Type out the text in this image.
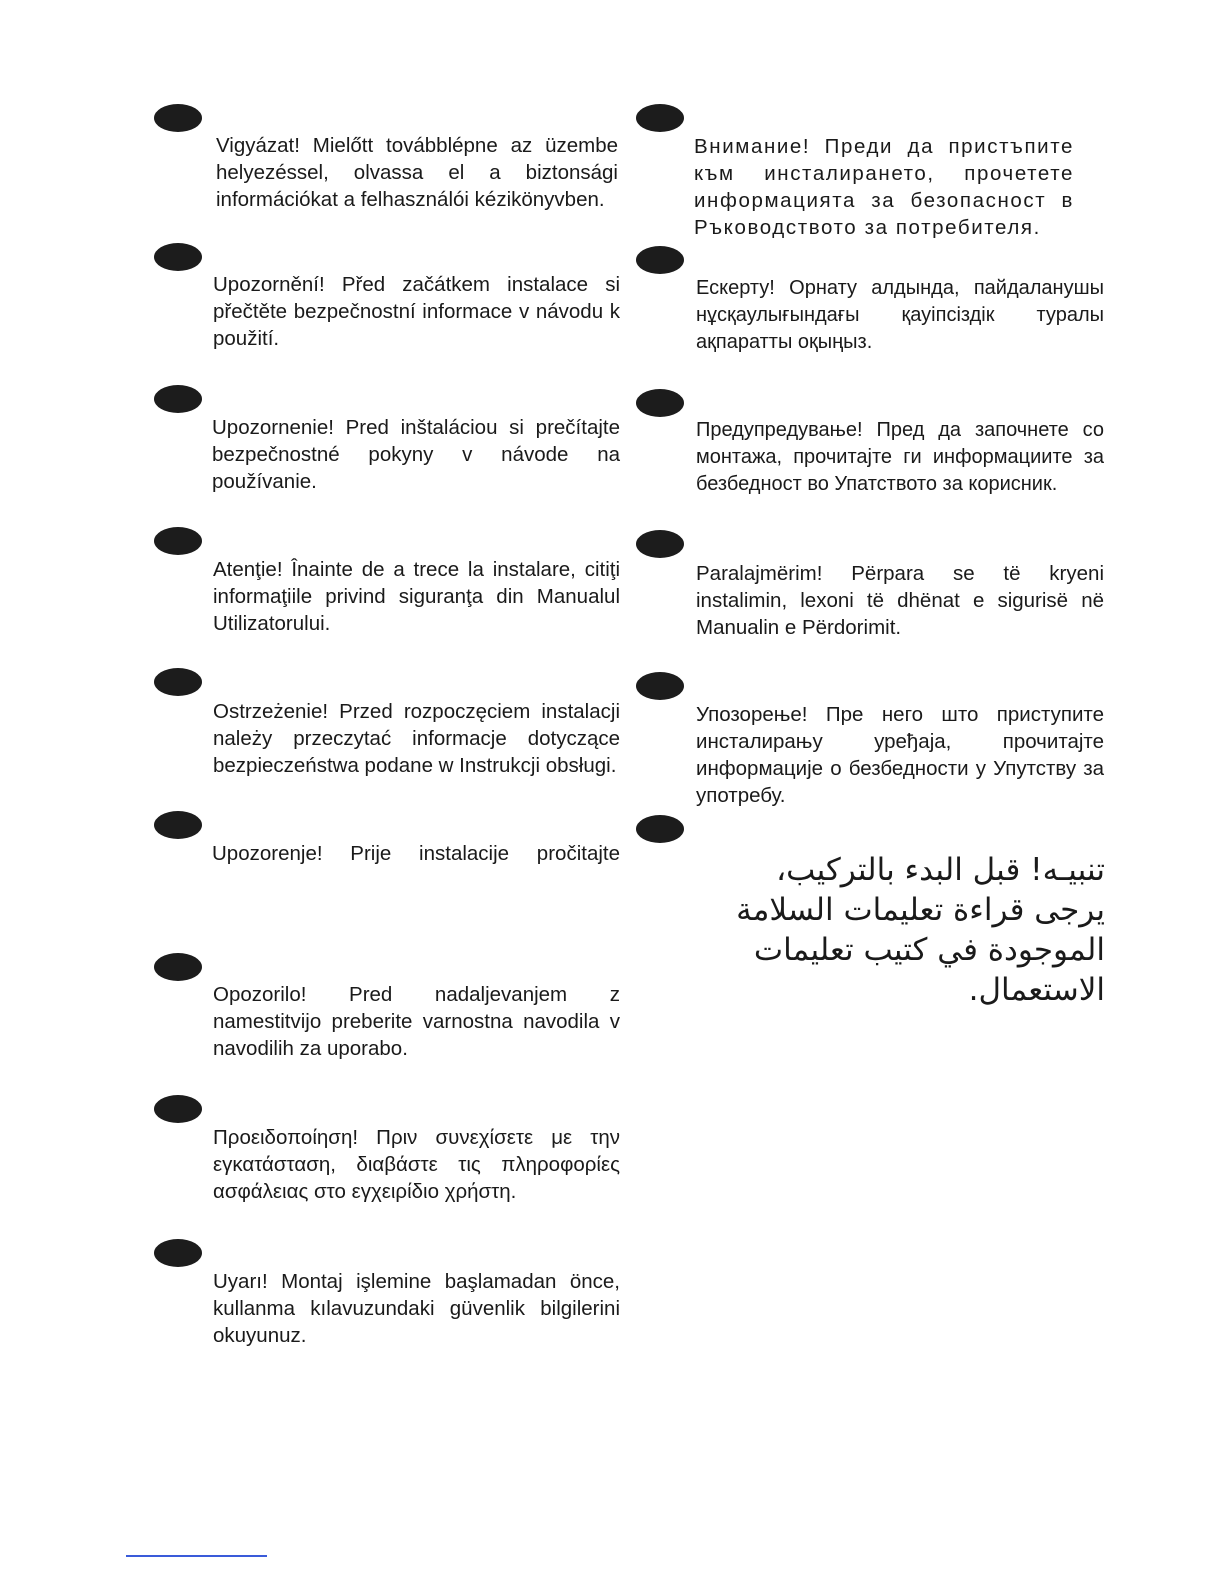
Vigyázat! Mielőtt továbblépne az üzembe helyezéssel, olvassa el a biztonsági információkat a felhasználói kézikönyvben.
Upozornění! Před začátkem instalace si přečtěte bezpečnostní informace v návodu k použití.
Upozornenie! Pred inštaláciou si prečítajte bezpečnostné pokyny v návode na používanie.
Atenţie! Înainte de a trece la instalare, citiţi informaţiile privind siguranţa din Manualul Utilizatorului.
Ostrzeżenie! Przed rozpoczęciem instalacji należy przeczytać informacje dotyczące bezpieczeństwa podane w Instrukcji obsługi.
Upozorenje! Prije instalacije pročitajte
Opozorilo! Pred nadaljevanjem z namestitvijo preberite varnostna navodila v navodilih za uporabo.
Προειδοποίηση! Πριν συνεχίσετε με την εγκατάσταση, διαβάστε τις πληροφορίες ασφάλειας στο εγχειρίδιο χρήστη.
Uyarı! Montaj işlemine başlamadan önce, kullanma kılavuzundaki güvenlik bilgilerini okuyunuz.
Внимание! Преди да пристъпите към инсталирането, прочетете информацията за безопасност в Ръководството за потребителя.
Ескерту! Орнату алдында, пайдаланушы нұсқаулығындағы қауіпсіздік туралы ақпаратты оқыңыз.
Предупредување! Пред да започнете со монтажа, прочитајте ги информациите за безбедност во Упатството за корисник.
Paralajmërim! Përpara se të kryeni instalimin, lexoni të dhënat e sigurisë në Manualin e Përdorimit.
Упозорење! Пре него што приступите инсталирању уређаја, прочитајте информације о безбедности у Упутству за употребу.
تنبيـه! قبل البدء بالتركيب، يرجى قراءة تعليمات السلامة الموجودة في كتيب تعليمات الاستعمال.
